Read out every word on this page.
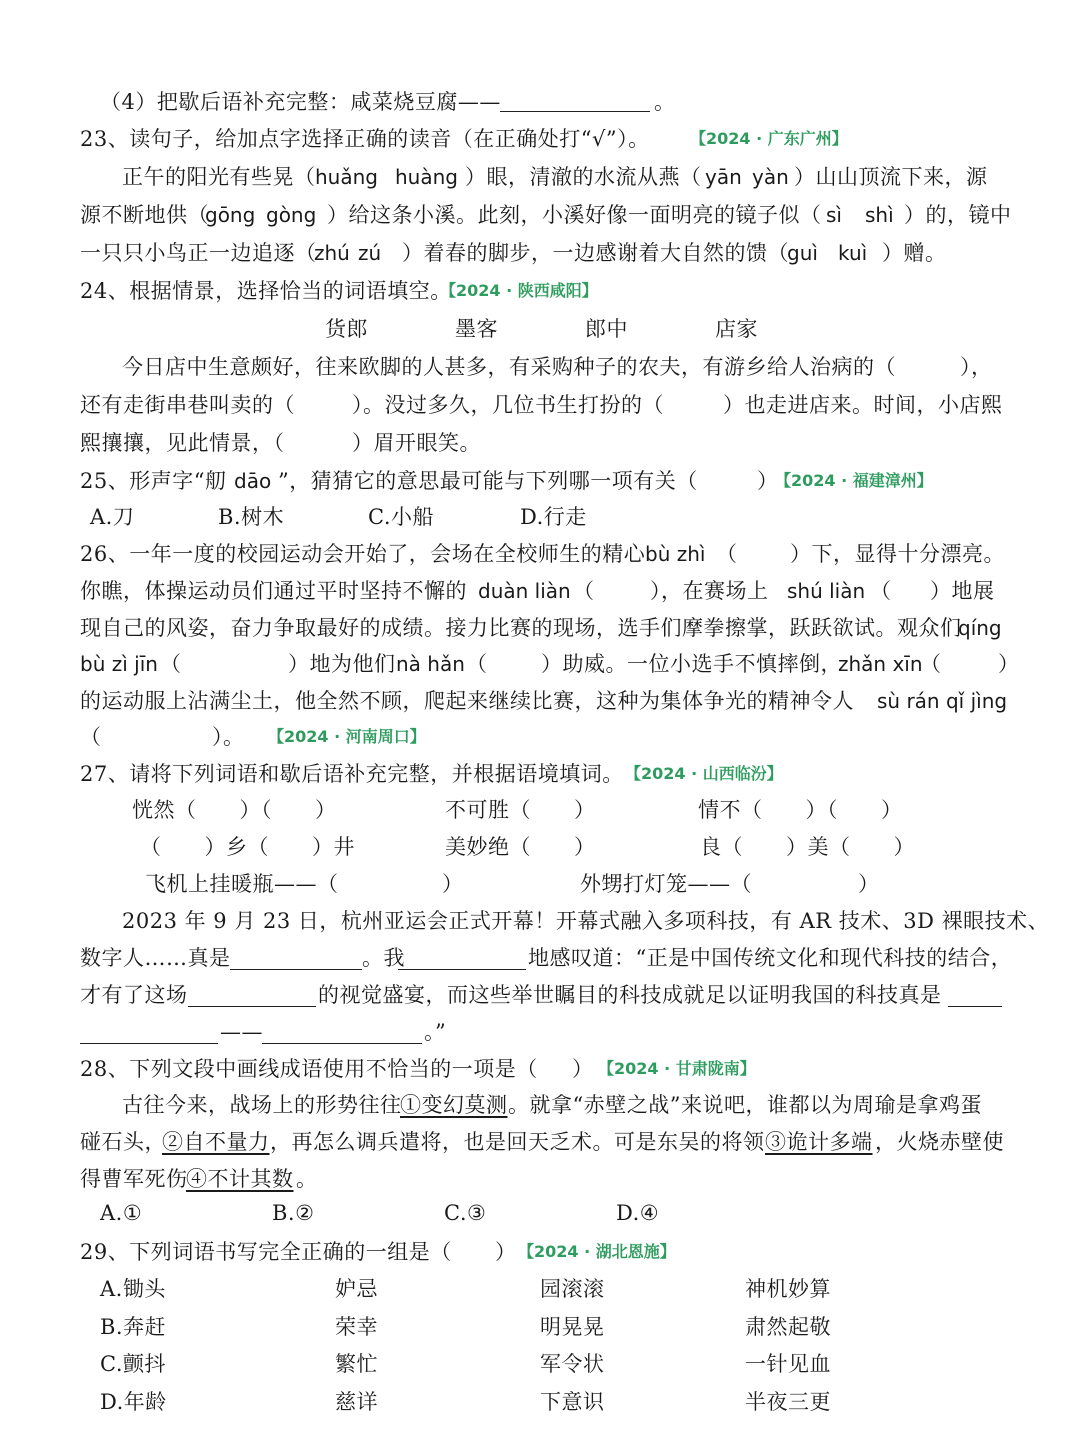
（4）把歇后语补充完整：咸菜烧豆腐——	。
23、读句子，给加点字选择正确的读音（在正确处打“√”）。	【2024 · 广东广州】
正午的阳光有些晃（ huǎng huàng ）眼，清澈的水流从燕（ yān yàn ）山山顶流下来，源
源不断地供（
gōng gòng ）给这条小溪。此刻，小溪好像一面明亮的镜子似（ sì shì ）的，镜中
一只只小鸟正一边追逐（
zhú zú ）着春的脚步，一边感谢着大自然的馈（
guì kuì ）赠。
24、根据情景，选择恰当的词语填空。
【2024 · 陕西咸阳】
货郎	墨客	郎中	店家
今日店中生意颇好，往来欧脚的人甚多，有采购种子的农夫，有游乡给人治病的（	），
还有走街串巷叫卖的（	）。没过多久，几位书生打扮的（	）也走进店来。时间，小店熙
熙攘攘，见此情景，（	）眉开眼笑。
25、形声字“舠 dāo ”，猜猜它的意思最可能与下列哪一项有关（	）
【2024 · 福建漳州】
A.刀	B.树木	C.小船	D.行走
26、一年一度的校园运动会开始了，会场在全校师生的精心 bù zhì （	）下，显得十分漂亮。
你瞧，体操运动员们通过平时坚持不懈的 duàn liàn （	），在赛场上 shú liàn （ ）地展
现自己的风姿，奋力争取最好的成绩。接力比赛的现场，选手们摩拳擦掌，跃跃欲试。观众们
qíng
bù zì jīn （	）地为他们 nà hǎn （	）助威。一位小选手不慎摔倒，
zhǎn xīn
（	）
的运动服上沾满尘土，他全然不顾，爬起来继续比赛，这种为集体争光的精神令人 sù rán qǐ jìng
（	）。 【2024 · 河南周口】
27、请将下列词语和歇后语补充完整，并根据语境填词。 【2024 · 山西临汾】
恍然（　　）（　　）	不可胜（　　）	情不（　　）（　　）
（　　）乡（　　）井	美妙绝（　　）	良（　　）美（　　）
飞机上挂暖瓶——（	）	外甥打灯笼——（	）
2023 年 9 月 23 日，杭州亚运会正式开幕！开幕式融入多项科技，有 AR 技术、3D 裸眼技术、
数字人……真是	。我	地感叹道：“正是中国传统文化和现代科技的结合，
才有了这场	的视觉盛宴，而这些举世瞩目的科技成就足以证明我国的科技真是
——	。”
28、下列文段中画线成语使用不恰当的一项是（ ） 【2024 · 甘肃陇南】
古往今来，战场上的形势往往
①变幻莫测 。就拿“赤壁之战”来说吧，谁都以为周瑜是拿鸡蛋
碰石头，
②自不量力 ，再怎么调兵遣将，也是回天乏术。可是东吴的将领 ③诡计多端 ，火烧赤壁使
得曹军死伤
④不计其数 。
A.①	B.②	C.③	D.④
29、下列词语书写完全正确的一组是（ ） 【2024 · 湖北恩施】
A.锄头	妒忌	园滚滚	神机妙算
B.奔赶	荣幸	明晃晃	肃然起敬
C.颤抖	繁忙	军令状	一针见血
D.年龄	慈详	下意识	半夜三更
